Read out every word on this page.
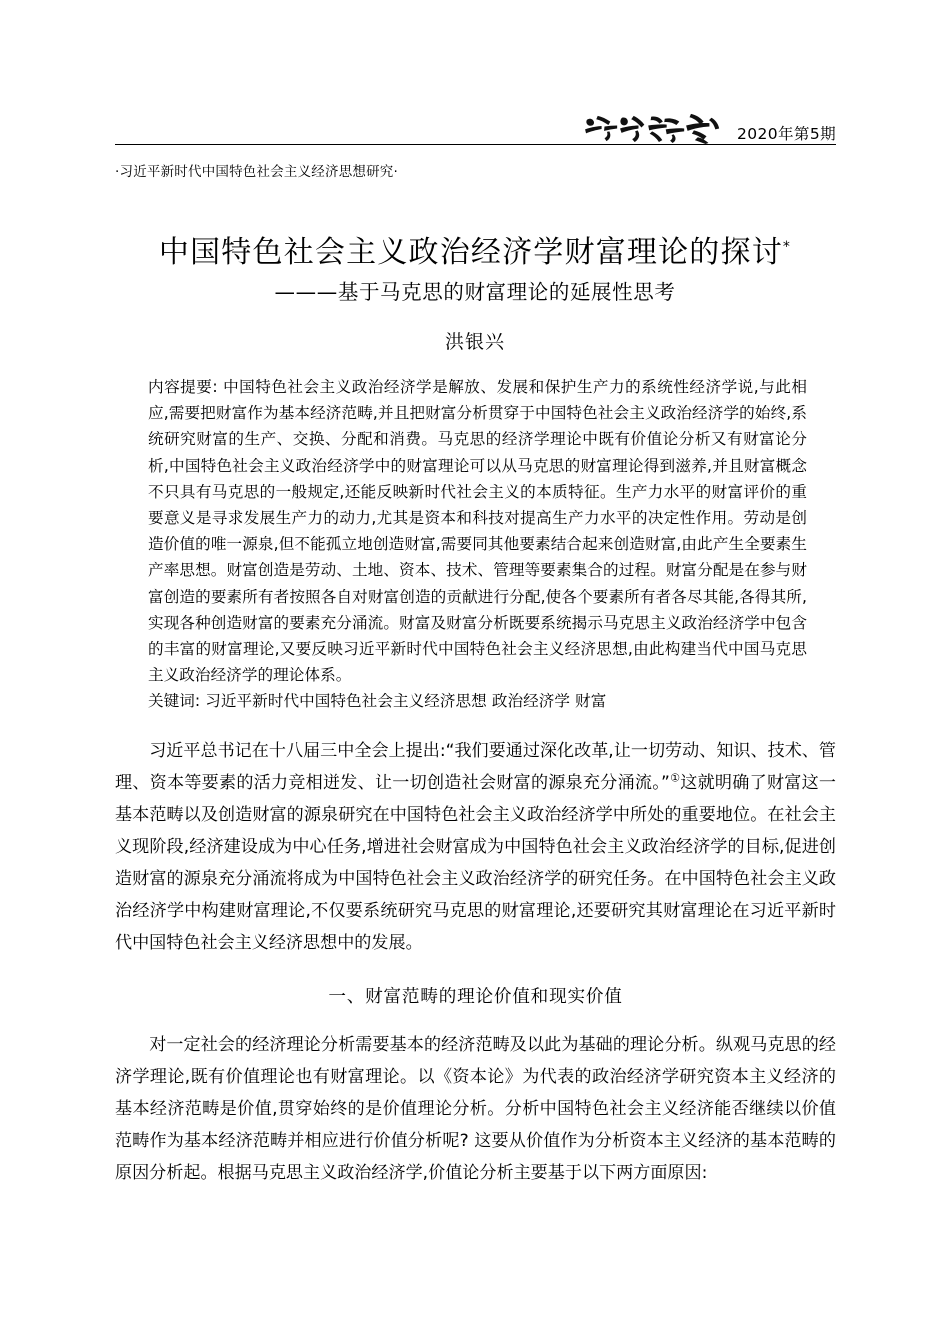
2020年第5期
·习近平新时代中国特色社会主义经济思想研究·
中国特色社会主义政治经济学财富理论的探讨*
———基于马克思的财富理论的延展性思考
洪银兴

内容提要: 中国特色社会主义政治经济学是解放、发展和保护生产力的系统性经济学说,与此相应,需要把财富作为基本经济范畴,并且把财富分析贯穿于中国特色社会主义政治经济学的始终,系统研究财富的生产、交换、分配和消费。马克思的经济学理论中既有价值论分析又有财富论分析,中国特色社会主义政治经济学中的财富理论可以从马克思的财富理论得到滋养,并且财富概念不只具有马克思的一般规定,还能反映新时代社会主义的本质特征。生产力水平的财富评价的重要意义是寻求发展生产力的动力,尤其是资本和科技对提高生产力水平的决定性作用。劳动是创造价值的唯一源泉,但不能孤立地创造财富,需要同其他要素结合起来创造财富,由此产生全要素生产率思想。财富创造是劳动、土地、资本、技术、管理等要素集合的过程。财富分配是在参与财富创造的要素所有者按照各自对财富创造的贡献进行分配,使各个要素所有者各尽其能,各得其所,实现各种创造财富的要素充分涌流。财富及财富分析既要系统揭示马克思主义政治经济学中包含的丰富的财富理论,又要反映习近平新时代中国特色社会主义经济思想,由此构建当代中国马克思主义政治经济学的理论体系。

关键词: 习近平新时代中国特色社会主义经济思想 政治经济学 财富

习近平总书记在十八届三中全会上提出:“我们要通过深化改革,让一切劳动、知识、技术、管理、资本等要素的活力竞相迸发、让一切创造社会财富的源泉充分涌流。”①这就明确了财富这一基本范畴以及创造财富的源泉研究在中国特色社会主义政治经济学中所处的重要地位。在社会主义现阶段,经济建设成为中心任务,增进社会财富成为中国特色社会主义政治经济学的目标,促进创造财富的源泉充分涌流将成为中国特色社会主义政治经济学的研究任务。在中国特色社会主义政治经济学中构建财富理论,不仅要系统研究马克思的财富理论,还要研究其财富理论在习近平新时代中国特色社会主义经济思想中的发展。

一、财富范畴的理论价值和现实价值

对一定社会的经济理论分析需要基本的经济范畴及以此为基础的理论分析。纵观马克思的经济学理论,既有价值理论也有财富理论。以《资本论》为代表的政治经济学研究资本主义经济的基本经济范畴是价值,贯穿始终的是价值理论分析。分析中国特色社会主义经济能否继续以价值范畴作为基本经济范畴并相应进行价值分析呢? 这要从价值作为分析资本主义经济的基本范畴的原因分析起。根据马克思主义政治经济学,价值论分析主要基于以下两方面原因:
